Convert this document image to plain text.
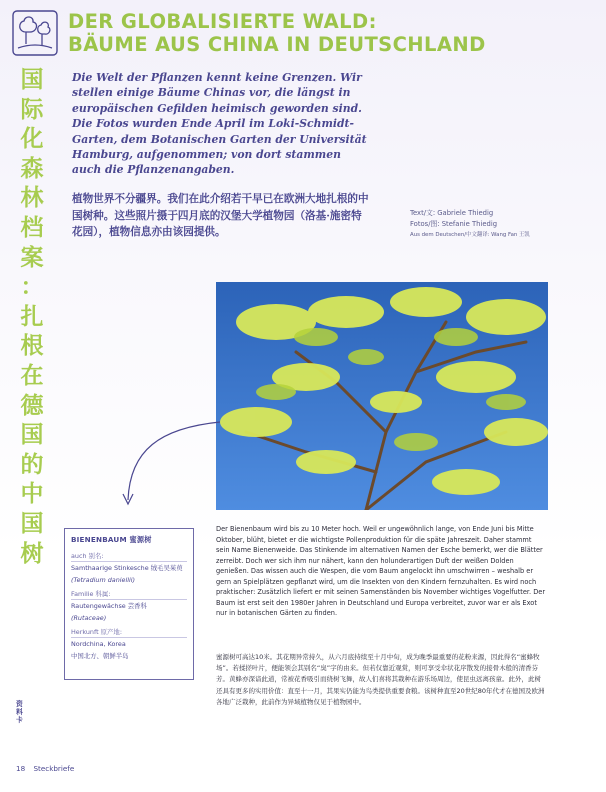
DER GLOBALISIERTE WALD:
BÄUME AUS CHINA IN DEUTSCHLAND
国
际
化
森
林
档
案
：
扎
根
在
德
国
的
中
国
树
Die Welt der Pflanzen kennt keine Grenzen. Wir stellen einige Bäume Chinas vor, die längst in europäischen Gefilden heimisch geworden sind. Die Fotos wurden Ende April im Loki-Schmidt-Garten, dem Botanischen Garten der Universität Hamburg, aufgenommen; von dort stammen auch die Pflanzenangaben.
植物世界不分疆界。我们在此介绍若干早已在欧洲大地扎根的中国树种。这些照片摄于四月底的汉堡大学植物园（洛基·施密特花园），植物信息亦由该园提供。
Text/文: Gabriele Thiedig
Fotos/图: Stefanie Thiedig
Aus dem Deutschen/中文翻译: Wang Fan 王凯
BIENENBAUM 蜜源树
auch 别名:
Samthaarige Stinkesche 绒毛吴茱萸
(Tetradium daniellii)
Familie 科属:
Rautengewächse 芸香科
(Rutaceae)
Herkunft 原产地:
Nordchina, Korea
中国北方、朝鲜半岛
Der Bienenbaum wird bis zu 10 Meter hoch. Weil er ungewöhnlich lange, von Ende Juni bis Mitte Oktober, blüht, bietet er die wichtigste Pollenproduktion für die späte Jahreszeit. Daher stammt sein Name Bienenweide. Das Stinkende im alternativen Namen der Esche bemerkt, wer die Blätter zerreibt. Doch wer sich ihm nur nähert, kann den holunderartigen Duft der weißen Dolden genießen. Das wissen auch die Wespen, die vom Baum angelockt ihn umschwirren – weshalb er gern an Spielplätzen gepflanzt wird, um die Insekten von den Kindern fernzuhalten. Es wird noch praktischer: Zusätzlich liefert er mit seinen Samenständen bis November wichtiges Vogelfutter. Der Baum ist erst seit den 1980er Jahren in Deutschland und Europa verbreitet, zuvor war er als Exot nur in botanischen Gärten zu finden.
蜜源树可高达10米。其花期异常持久，从六月底持续至十月中旬，成为晚季最重要的花粉来源，因此得名“蜜蜂牧场”。若揉搓叶片，便能领会其别名“臭”字的由来。但若仅靠近观赏，则可享受伞状花序散发的接骨木般的清香芬芳。黄蜂亦深谙此道，常被花香吸引而绕树飞舞，故人们喜将其栽种在游乐场周边，使昆虫远离孩童。此外，此树还具有更多的实用价值：直至十一月，其果实仍能为鸟类提供重要食粮。该树种直至20世纪80年代才在德国及欧洲各地广泛栽种，此前作为异域植物仅见于植物园中。
资
料
卡
18 Steckbriefe
